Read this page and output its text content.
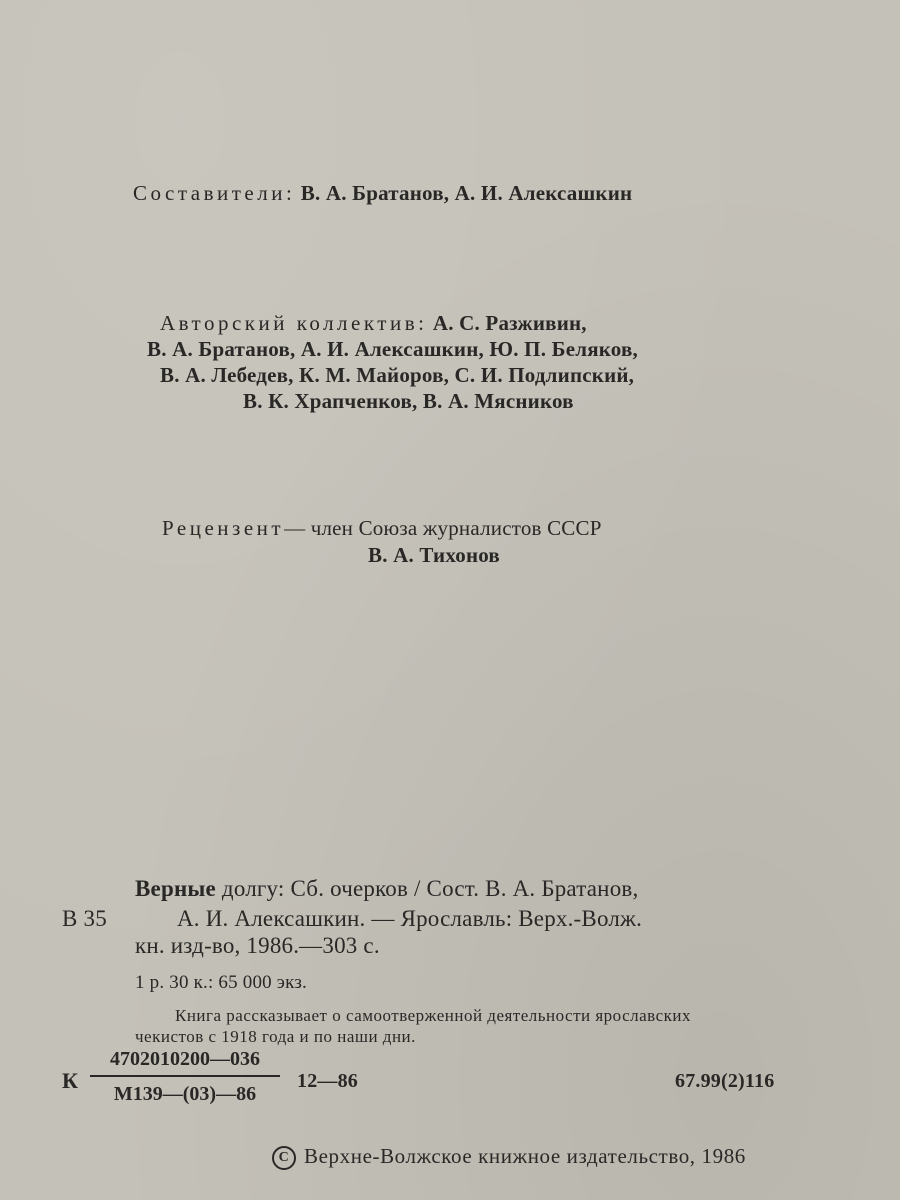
Составители: В. А. Братанов, А. И. Алексашкин
Авторский коллектив: А. С. Разживин,
В. А. Братанов, А. И. Алексашкин, Ю. П. Беляков,
В. А. Лебедев, К. М. Майоров, С. И. Подлипский,
В. К. Храпченков, В. А. Мясников
Рецензент— член Союза журналистов СССР
В. А. Тихонов
Верные долгу: Сб. очерков / Сост. В. А. Братанов,
В 35	А. И. Алексашкин. — Ярославль: Верх.-Волж.
кн. изд-во, 1986.—303 с.
1 р. 30 к.: 65 000 экз.
Книга рассказывает о самоотверженной деятельности ярославских
чекистов с 1918 года и по наши дни.
К
4702010200—036
М139—(03)—86
12—86	67.99(2)116
C Верхне-Волжское книжное издательство, 1986
